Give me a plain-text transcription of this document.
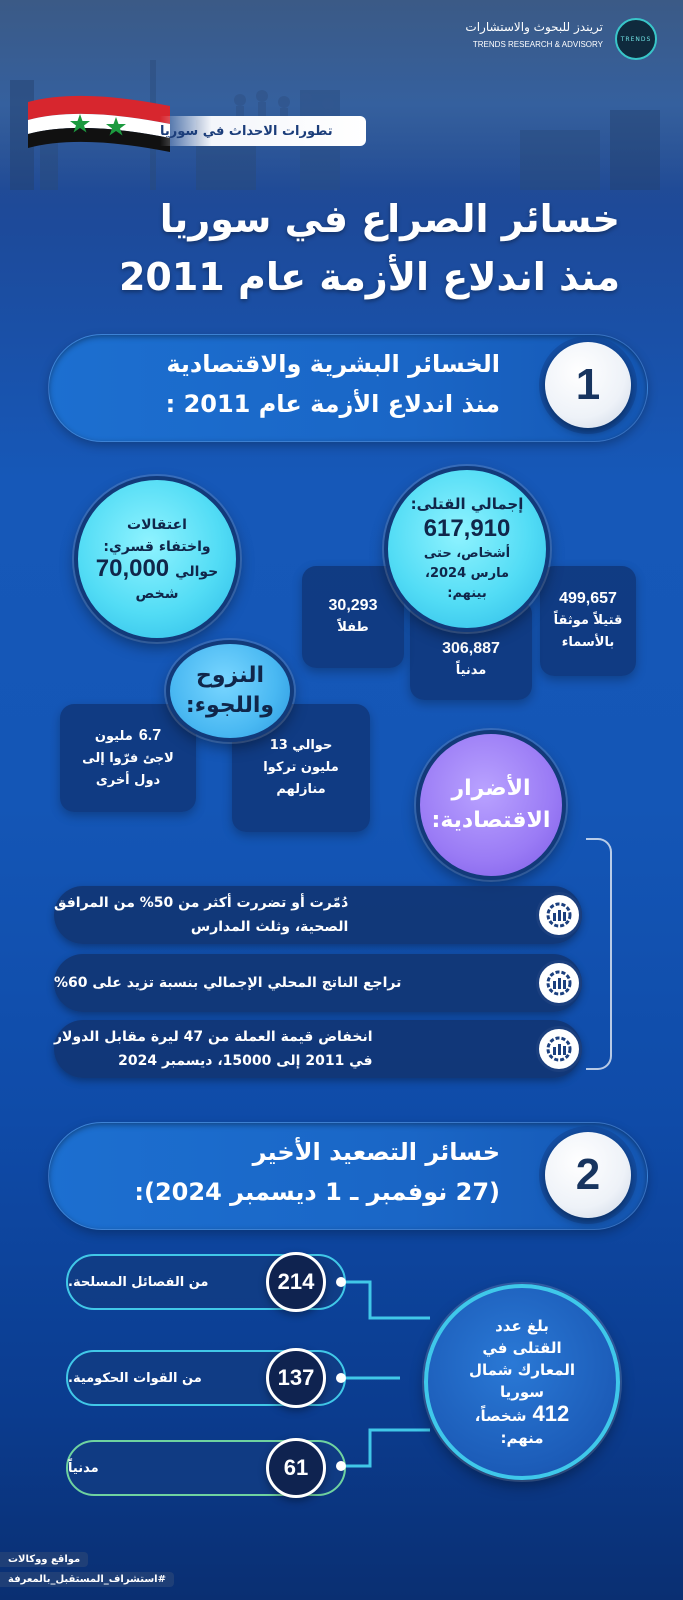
TRENDS
تريندز للبحوث والاستشارات
TRENDS RESEARCH & ADVISORY
تطورات الاحداث في سوريا
خسائر الصراع في سوريا
منذ اندلاع الأزمة عام 2011
الخسائر البشرية والاقتصادية
منذ اندلاع الأزمة عام 2011 :	1
499,657
قتيلاً موثقاً
بالأسماء
306,887
مدنياً
30,293
طفلاً
إجمالي القتلى:
617,910
أشخاص، حتى
مارس 2024،
بينهم:
اعتقالات
واختفاء قسري:
حوالي
70,000
شخص
حوالي 13
مليون تركوا
منازلهم
6.7
مليون
لاجئ فرّوا إلى
دول أخرى
النزوح
واللجوء:
الأضرار
الاقتصادية:
دُمّرت أو تضررت أكثر من 50% من المرافق
الصحية، وثلث المدارس
تراجع الناتج المحلي الإجمالي بنسبة تزيد على 60%
انخفاض قيمة العملة من 47 ليرة مقابل الدولار
في 2011 إلى 15000، ديسمبر 2024
خسائر التصعيد الأخير
(27 نوفمبر ـ 1 ديسمبر 2024):	2
من الفصائل المسلحة.
من القوات الحكومية.
مدنياً
214
137
61
بلغ عدد
القتلى في
المعارك شمال
سوريا
412
شخصاً،
منهم:
مواقع ووكالات
#استشراف_المستقبل_بالمعرفة
